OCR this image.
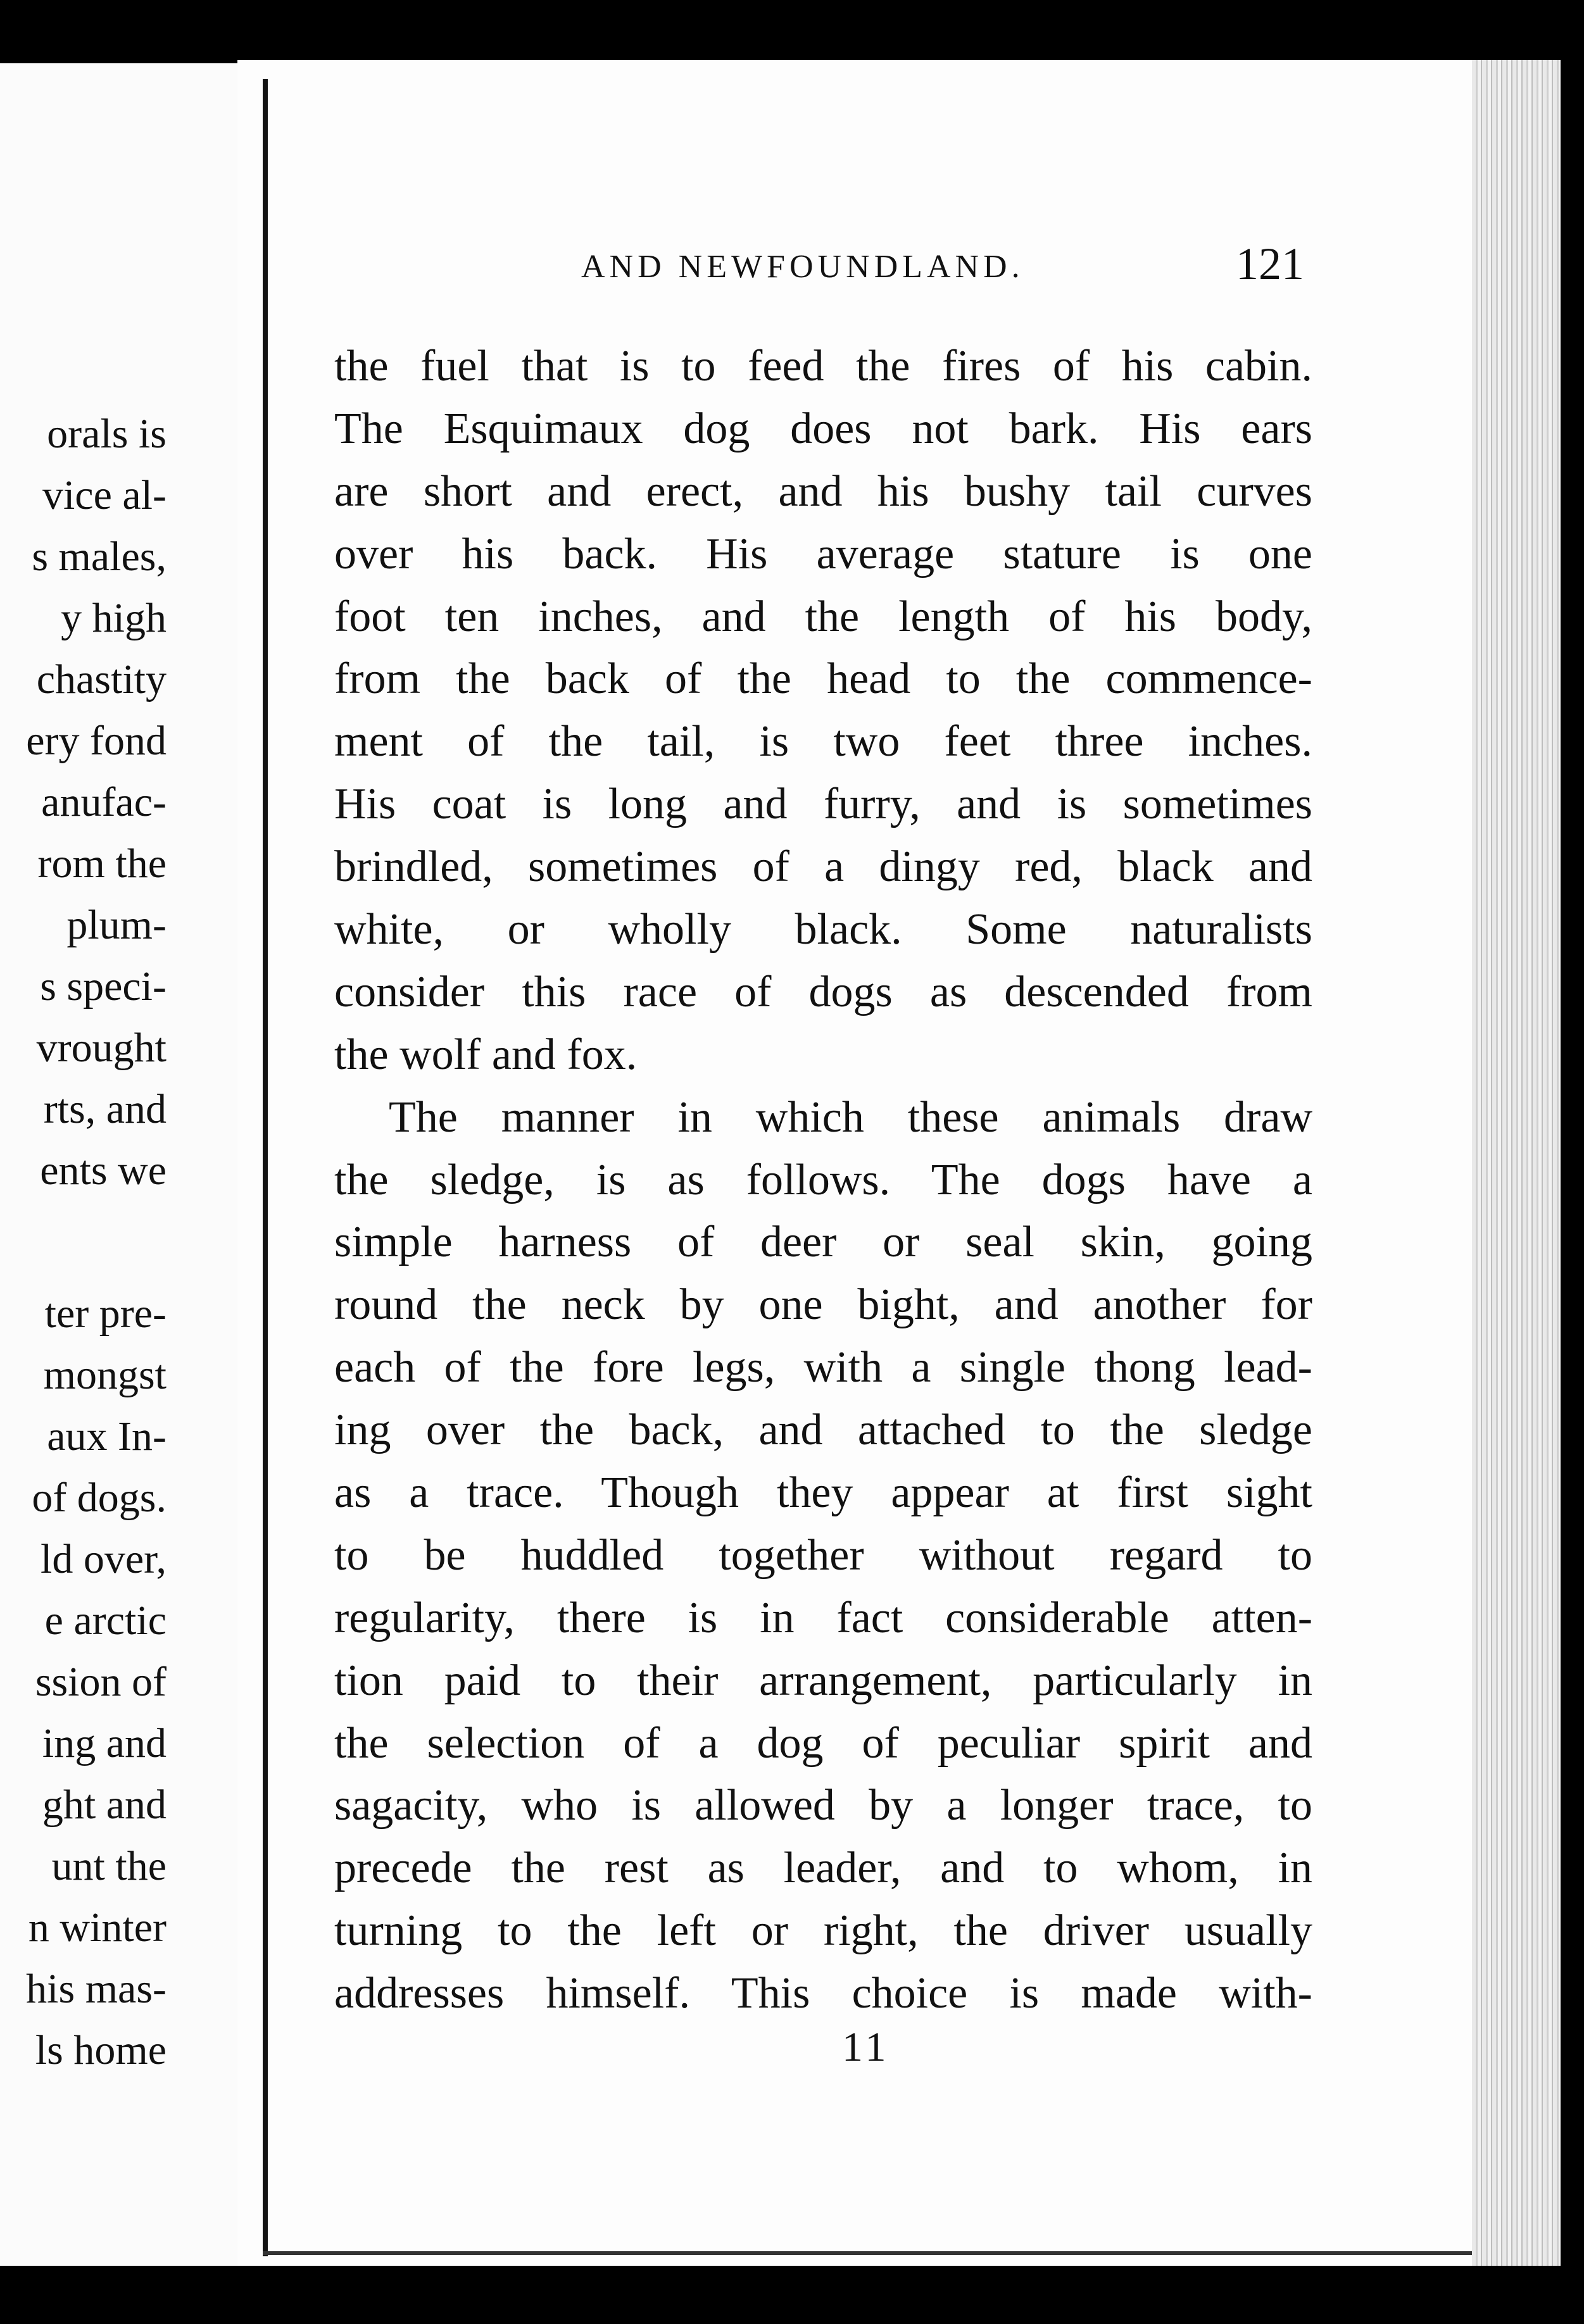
orals is
vice al-
s males,
y high
chastity
ery fond
anufac-
rom the
plum-
s speci-
vrought
rts, and
ents we
ter pre-
mongst
aux In-
of dogs.
ld over,
e arctic
ssion of
ing and
ght and
unt the
n winter
his mas-
ls home
AND NEWFOUNDLAND.	121
the fuel that is to feed the fires of his cabin.
The Esquimaux dog does not bark. His ears
are short and erect, and his bushy tail curves
over his back. His average stature is one
foot ten inches, and the length of his body,
from the back of the head to the commence-
ment of the tail, is two feet three inches.
His coat is long and furry, and is sometimes
brindled, sometimes of a dingy red, black and
white, or wholly black. Some naturalists
consider this race of dogs as descended from
the wolf and fox.
The manner in which these animals draw
the sledge, is as follows. The dogs have a
simple harness of deer or seal skin, going
round the neck by one bight, and another for
each of the fore legs, with a single thong lead-
ing over the back, and attached to the sledge
as a trace. Though they appear at first sight
to be huddled together without regard to
regularity, there is in fact considerable atten-
tion paid to their arrangement, particularly in
the selection of a dog of peculiar spirit and
sagacity, who is allowed by a longer trace, to
precede the rest as leader, and to whom, in
turning to the left or right, the driver usually
addresses himself. This choice is made with-
11
